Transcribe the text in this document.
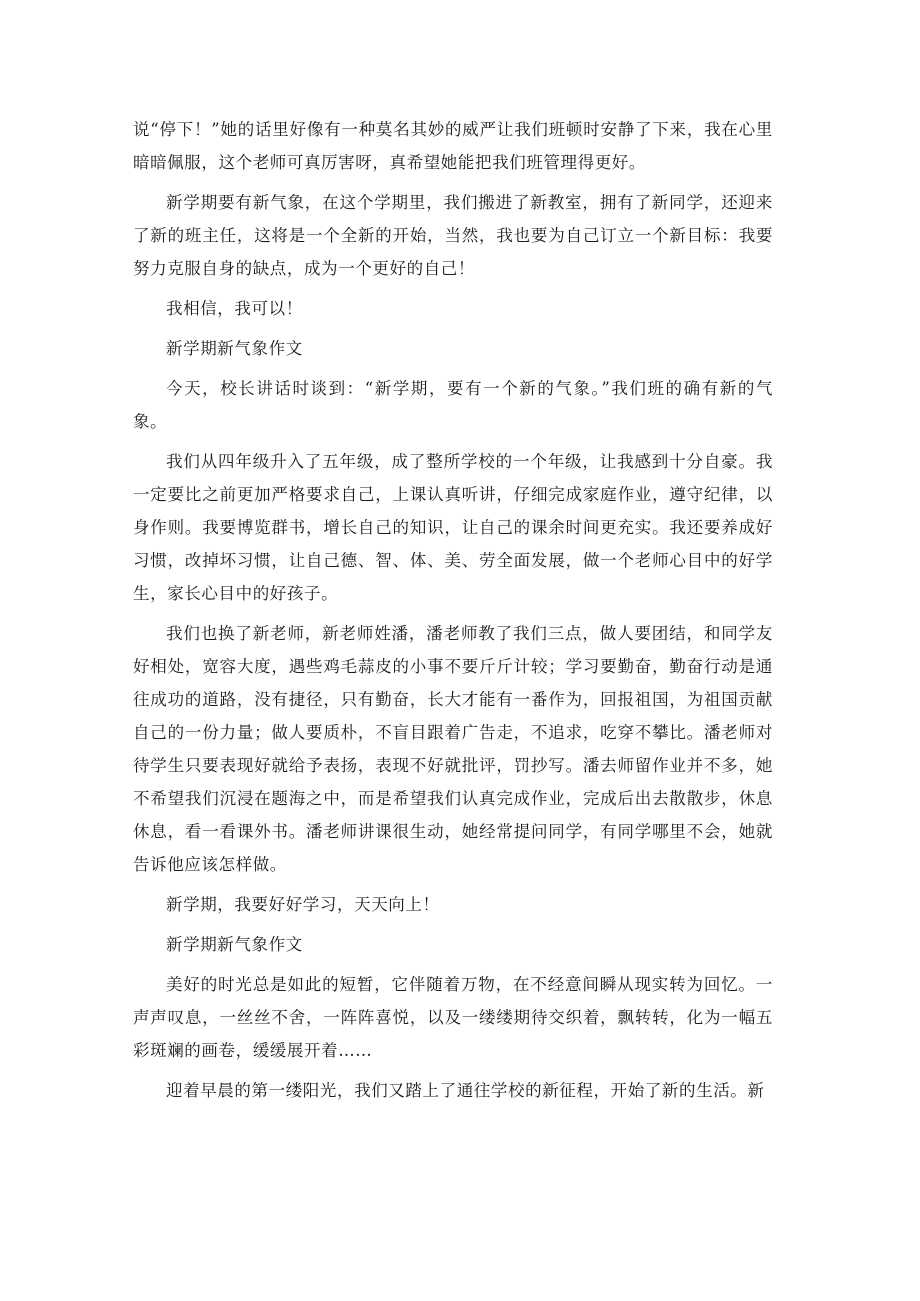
说“停下！”她的话里好像有一种莫名其妙的威严让我们班顿时安静了下来，我在心里暗暗佩服，这个老师可真厉害呀，真希望她能把我们班管理得更好。

新学期要有新气象，在这个学期里，我们搬进了新教室，拥有了新同学，还迎来了新的班主任，这将是一个全新的开始，当然，我也要为自己订立一个新目标：我要努力克服自身的缺点，成为一个更好的自己！

我相信，我可以！

新学期新气象作文

今天，校长讲话时谈到：“新学期，要有一个新的气象。”我们班的确有新的气象。

我们从四年级升入了五年级，成了整所学校的一个年级，让我感到十分自豪。我一定要比之前更加严格要求自己，上课认真听讲，仔细完成家庭作业，遵守纪律，以身作则。我要博览群书，增长自己的知识，让自己的课余时间更充实。我还要养成好习惯，改掉坏习惯，让自己德、智、体、美、劳全面发展，做一个老师心目中的好学生，家长心目中的好孩子。

我们也换了新老师，新老师姓潘，潘老师教了我们三点，做人要团结，和同学友好相处，宽容大度，遇些鸡毛蒜皮的小事不要斤斤计较；学习要勤奋，勤奋行动是通往成功的道路，没有捷径，只有勤奋，长大才能有一番作为，回报祖国，为祖国贡献自己的一份力量；做人要质朴，不盲目跟着广告走，不追求，吃穿不攀比。潘老师对待学生只要表现好就给予表扬，表现不好就批评，罚抄写。潘去师留作业并不多，她不希望我们沉浸在题海之中，而是希望我们认真完成作业，完成后出去散散步，休息休息，看一看课外书。潘老师讲课很生动，她经常提问同学，有同学哪里不会，她就告诉他应该怎样做。

新学期，我要好好学习，天天向上！

新学期新气象作文

美好的时光总是如此的短暂，它伴随着万物，在不经意间瞬从现实转为回忆。一声声叹息，一丝丝不舍，一阵阵喜悦，以及一缕缕期待交织着，飘转转，化为一幅五彩斑斓的画卷，缓缓展开着……

迎着早晨的第一缕阳光，我们又踏上了通往学校的新征程，开始了新的生活。新
